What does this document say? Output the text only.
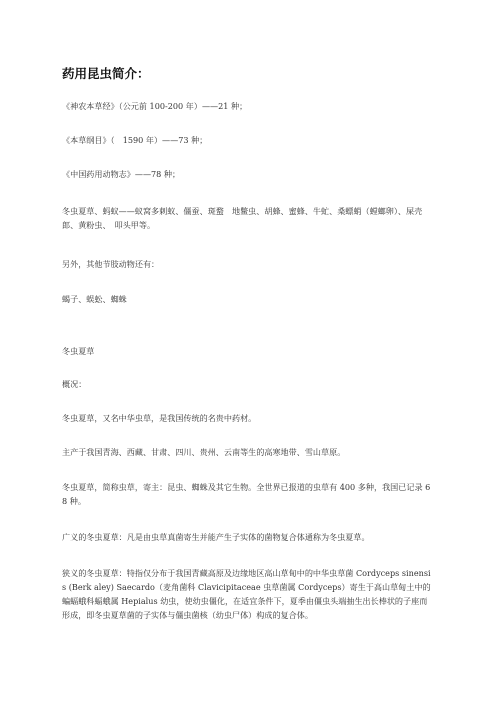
药用昆虫简介：

《神农本草经》（公元前 100-200 年）——21 种；

《本草纲目》（　1590 年）——73 种；

《中国药用动物志》——78 种；

冬虫夏草、蚂蚁——蚁窝多刺蚁、僵蚕、斑蝥　地鳖虫、胡蜂、蜜蜂、牛虻、桑螵蛸（螳螂卵）、屎壳郎、黄粉虫、　叩头甲等。

另外，其他节肢动物还有：

蝎子、蜈蚣、蜘蛛

冬虫夏草

概况：

冬虫夏草，又名中华虫草，是我国传统的名贵中药材。

主产于我国青海、西藏、甘肃、四川、贵州、云南等生的高寒地带、雪山草原。

冬虫夏草，简称虫草，寄主：昆虫、蜘蛛及其它生物。全世界已报道的虫草有 400 多种，我国已记录 68 种。

广义的冬虫夏草：凡是由虫草真菌寄生并能产生子实体的菌物复合体通称为冬虫夏草。

狭义的冬虫夏草：特指仅分布于我国青藏高原及边缘地区高山草甸中的中华虫草菌 Cordyceps sinensis (Berk aley) Saecardo（麦角菌科 Clavicipitaceae 虫草菌属 Cordyceps）寄生于高山草甸土中的蝙蝠蛾科蝠蛾属 Hepialus 幼虫，使幼虫僵化，在适宜条件下，夏季由僵虫头端抽生出长棒状的子座而形成，即冬虫夏草菌的子实体与僵虫菌核（幼虫尸体）构成的复合体。
